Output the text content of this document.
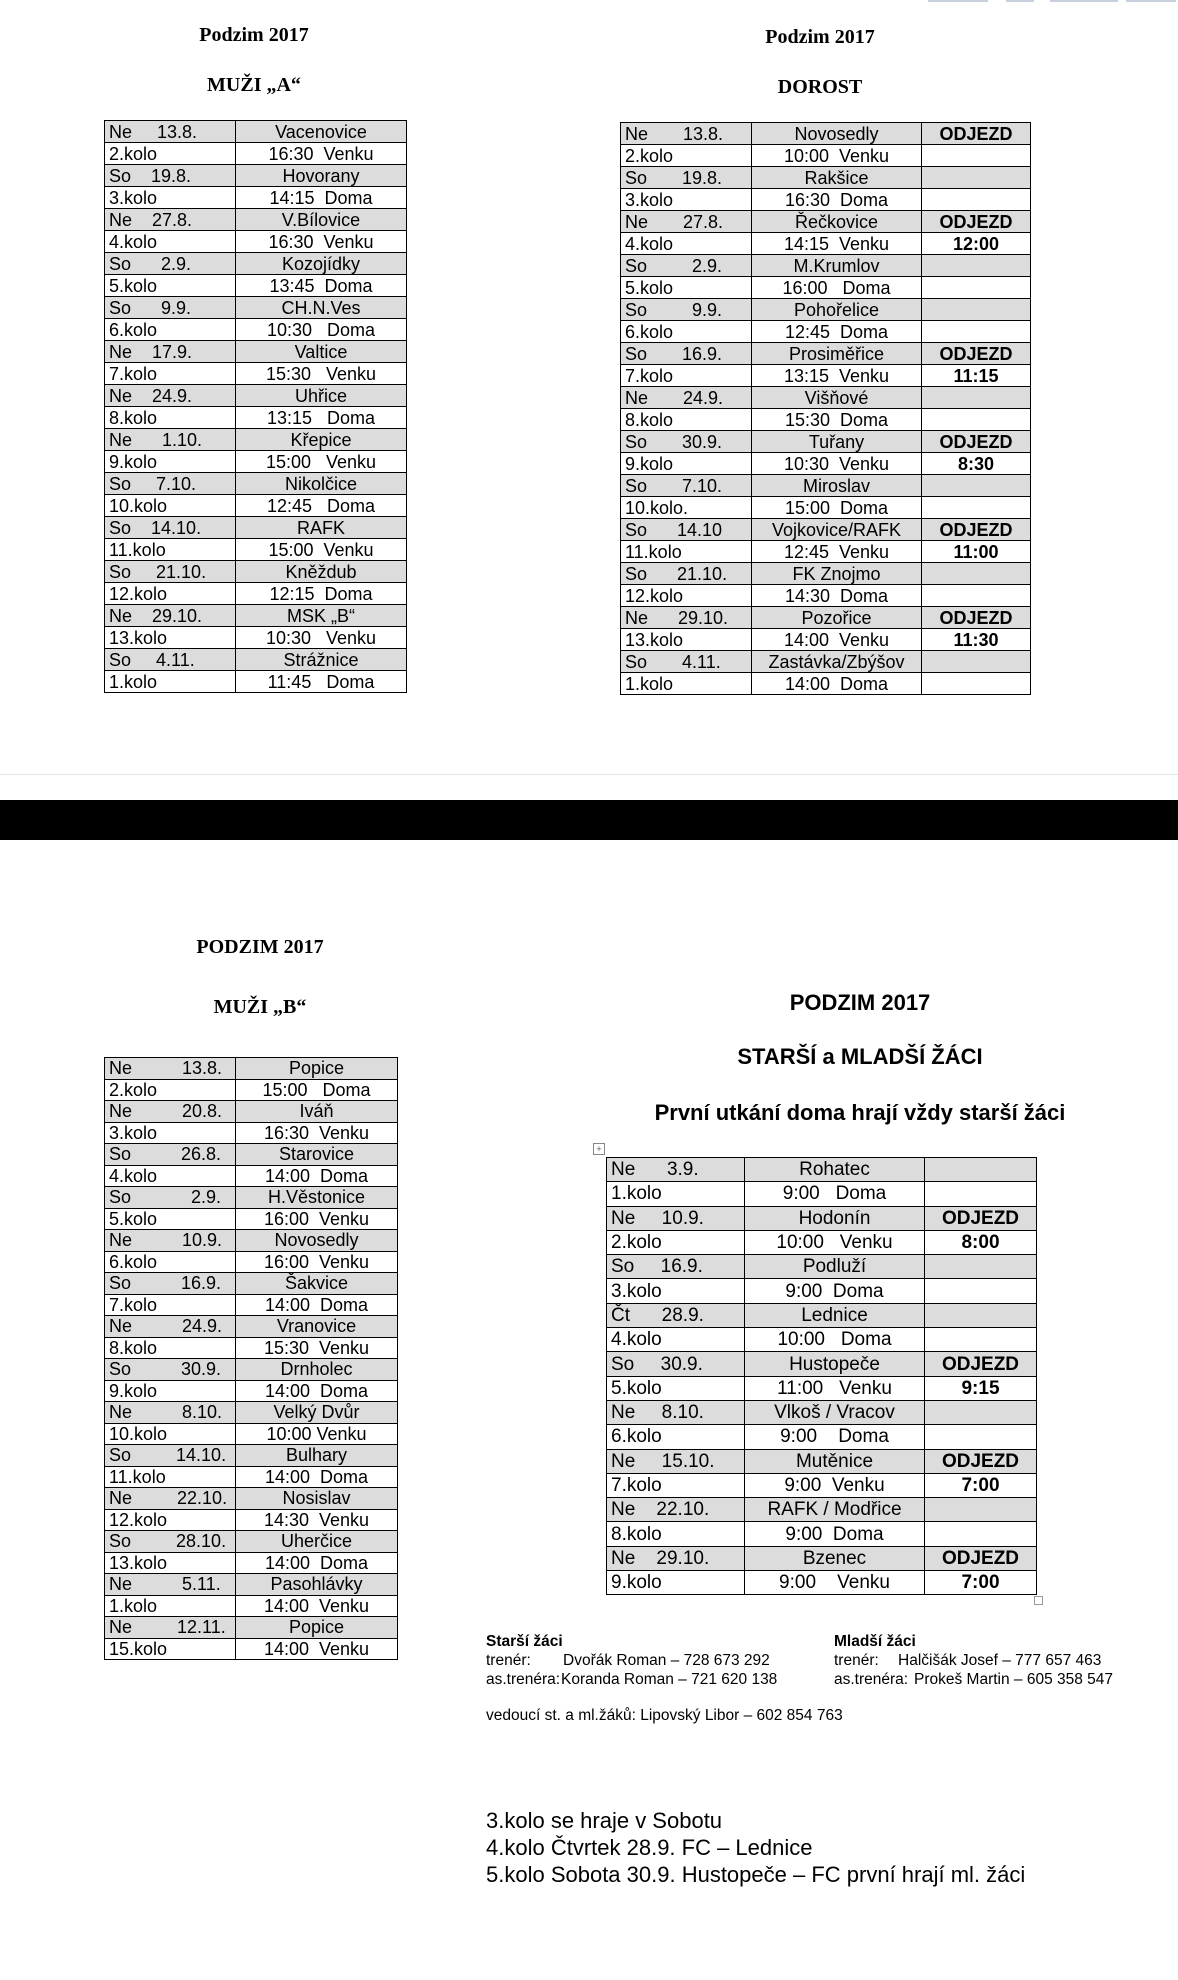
Podzim 2017
MUŽI „A“
Ne     13.8.	Vacenovice
2.kolo	16:30  Venku
So    19.8.	Hovorany
3.kolo	14:15  Doma
Ne    27.8.	V.Bílovice
4.kolo	16:30  Venku
So      2.9.	Kozojídky
5.kolo	13:45  Doma
So      9.9.	CH.N.Ves
6.kolo	10:30   Doma
Ne    17.9.	Valtice
7.kolo	15:30   Venku
Ne    24.9.	Uhřice
8.kolo	13:15   Doma
Ne      1.10.	Křepice
9.kolo	15:00   Venku
So     7.10.	Nikolčice
10.kolo	12:45   Doma
So    14.10.	RAFK
11.kolo	15:00  Venku
So     21.10.	Kněždub
12.kolo	12:15  Doma
Ne    29.10.	MSK „B“
13.kolo	10:30   Venku
So     4.11.	Strážnice
1.kolo	11:45   Doma
Podzim 2017
DOROST
Ne       13.8.	Novosedly	ODJEZD
2.kolo	10:00  Venku	
So       19.8.	Rakšice	
3.kolo	16:30  Doma	
Ne       27.8.	Řečkovice	ODJEZD
4.kolo	14:15  Venku	12:00
So         2.9.	M.Krumlov	
5.kolo	16:00   Doma	
So         9.9.	Pohořelice	
6.kolo	12:45  Doma	
So       16.9.	Prosiměřice	ODJEZD
7.kolo	13:15  Venku	11:15
Ne       24.9.	Višňové	
8.kolo	15:30  Doma	
So       30.9.	Tuřany	ODJEZD
9.kolo	10:30  Venku	8:30
So       7.10.	Miroslav	
10.kolo.	15:00  Doma	
So      14.10	Vojkovice/RAFK	ODJEZD
11.kolo	12:45  Venku	11:00
So      21.10.	FK Znojmo	
12.kolo	14:30  Doma	
Ne      29.10.	Pozořice	ODJEZD
13.kolo	14:00  Venku	11:30
So       4.11.	Zastávka/Zbýšov	
1.kolo	14:00  Doma	
PODZIM 2017
MUŽI „B“
Ne          13.8.	Popice
2.kolo	15:00   Doma
Ne          20.8.	Iváň
3.kolo	16:30  Venku
So          26.8.	Starovice
4.kolo	14:00  Doma
So            2.9.	H.Věstonice
5.kolo	16:00  Venku
Ne          10.9.	Novosedly
6.kolo	16:00  Venku
So          16.9.	Šakvice
7.kolo	14:00  Doma
Ne          24.9.	Vranovice
8.kolo	15:30  Venku
So          30.9.	Drnholec
9.kolo	14:00  Doma
Ne          8.10.	Velký Dvůr
10.kolo	10:00 Venku
So         14.10.	Bulhary
11.kolo	14:00  Doma
Ne         22.10.	Nosislav
12.kolo	14:30  Venku
So         28.10.	Uherčice
13.kolo	14:00  Doma
Ne          5.11.	Pasohlávky
1.kolo	14:00  Venku
Ne         12.11.	Popice
15.kolo	14:00  Venku
PODZIM 2017
STARŠÍ a MLADŠÍ ŽÁCI
První utkání doma hrají vždy starší žáci
+
Ne      3.9.	Rohatec	
1.kolo	9:00   Doma	
Ne     10.9.	Hodonín	ODJEZD
2.kolo	10:00   Venku	8:00
So     16.9.	Podluží	
3.kolo	9:00  Doma	
Čt      28.9.	Lednice	
4.kolo	10:00   Doma	
So     30.9.	Hustopeče	ODJEZD
5.kolo	11:00   Venku	9:15
Ne     8.10.	Vlkoš / Vracov	
6.kolo	9:00    Doma	
Ne     15.10.	Mutěnice	ODJEZD
7.kolo	9:00  Venku	7:00
Ne    22.10.	RAFK / Modřice	
8.kolo	9:00  Doma	
Ne    29.10.	Bzenec	ODJEZD
9.kolo	9:00    Venku	7:00
Starší žáci
trenér:	Dvořák Roman – 728 673 292
as.trenéra: Koranda Roman – 721 620 138
Mladší žáci
trenér:	Halčišák Josef – 777 657 463
as.trenéra: Prokeš Martin – 605 358 547
vedoucí st. a ml.žáků: Lipovský Libor – 602 854 763
3.kolo se hraje v Sobotu
4.kolo Čtvrtek 28.9. FC – Lednice
5.kolo Sobota 30.9. Hustopeče – FC první hrají ml. žáci
